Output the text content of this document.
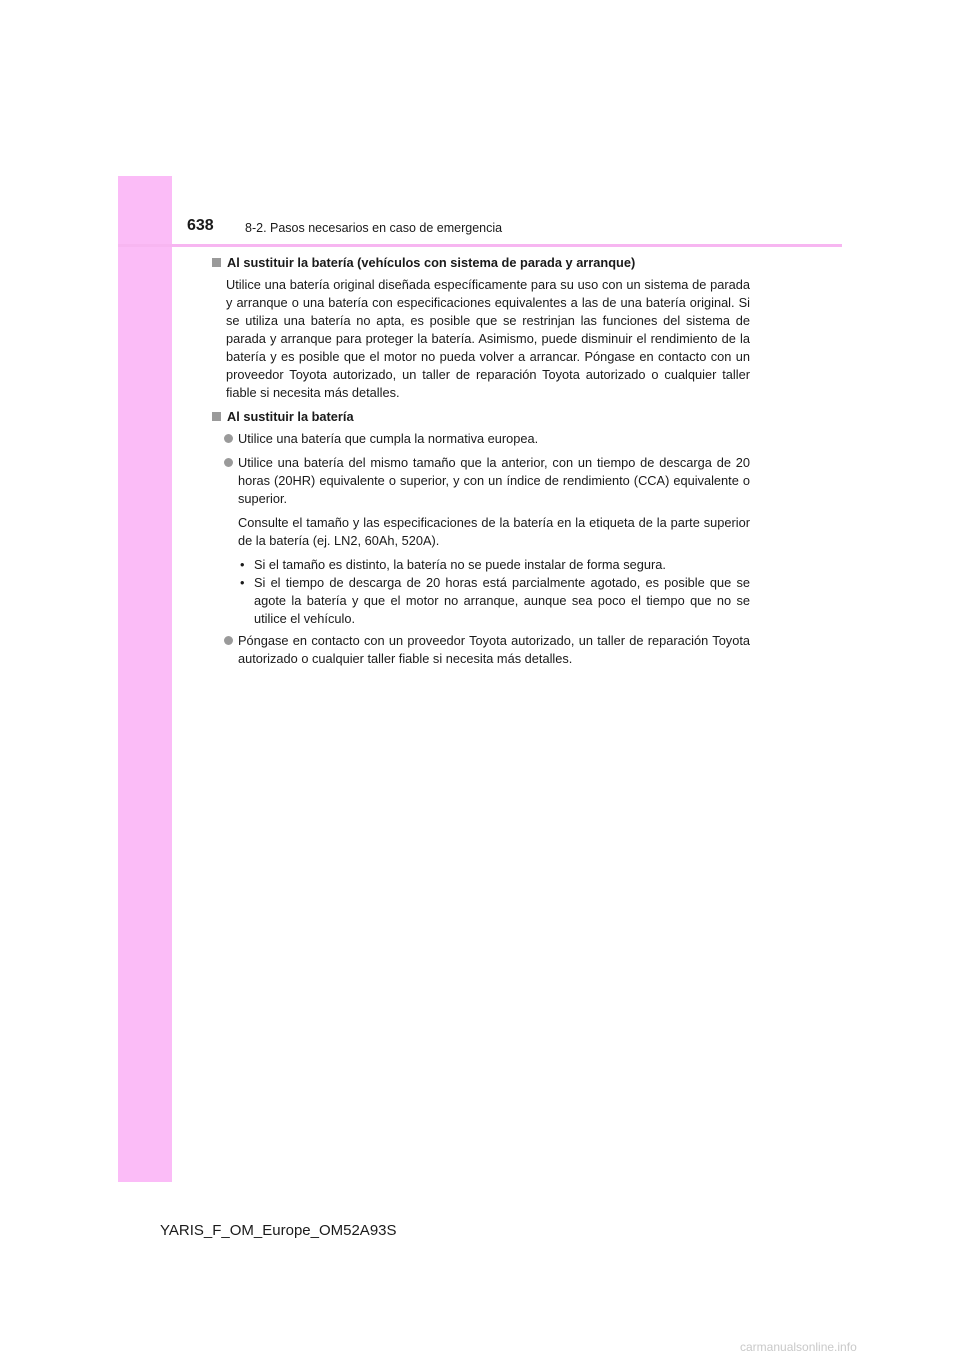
638	8-2. Pasos necesarios en caso de emergencia
Al sustituir la batería (vehículos con sistema de parada y arranque)

Utilice una batería original diseñada específicamente para su uso con un sistema de parada y arranque o una batería con especificaciones equivalentes a las de una batería original. Si se utiliza una batería no apta, es posible que se restrinjan las funciones del sistema de parada y arranque para proteger la batería. Asimismo, puede disminuir el rendimiento de la batería y es posible que el motor no pueda volver a arrancar. Póngase en contacto con un proveedor Toyota autorizado, un taller de reparación Toyota autorizado o cualquier taller fiable si necesita más detalles.

Al sustituir la batería
Utilice una batería que cumpla la normativa europea.
Utilice una batería del mismo tamaño que la anterior, con un tiempo de descarga de 20 horas (20HR) equivalente o superior, y con un índice de rendimiento (CCA) equivalente o superior.

Consulte el tamaño y las especificaciones de la batería en la etiqueta de la parte superior de la batería (ej. LN2, 60Ah, 520A).

• Si el tamaño es distinto, la batería no se puede instalar de forma segura.
• Si el tiempo de descarga de 20 horas está parcialmente agotado, es posible que se agote la batería y que el motor no arranque, aunque sea poco el tiempo que no se utilice el vehículo.
Póngase en contacto con un proveedor Toyota autorizado, un taller de reparación Toyota autorizado o cualquier taller fiable si necesita más detalles.
YARIS_F_OM_Europe_OM52A93S
carmanualsonline.info
